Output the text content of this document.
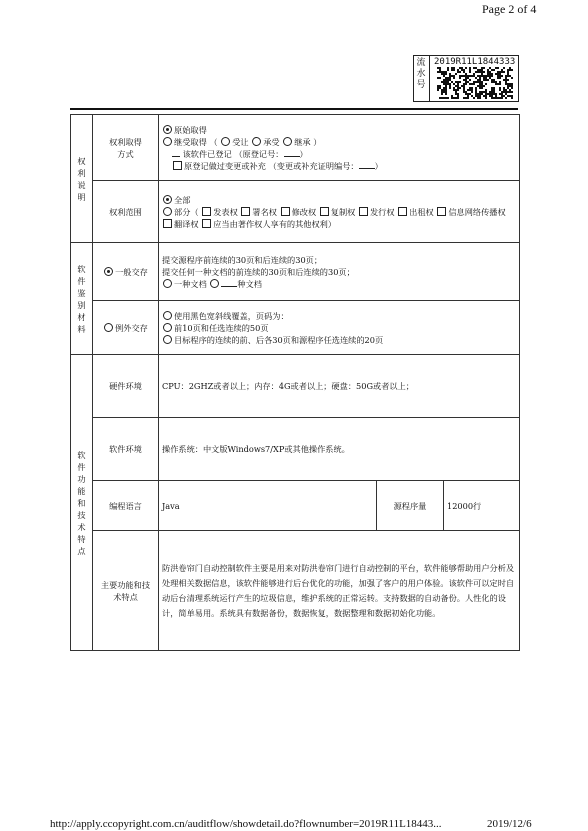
Page 2 of 4
流水号
2019R11L1844333
权利说明	权利取得方式	原始取得
继受取得 （ 受让 承受 继承 ）
该软件已登记 （原登记号： ）
原登记做过变更或补充 （变更或补充证明编号： ）		

	权利范围	全部
部分（ 发表权 署名权 修改权 复制权 发行权 出租权 信息网络传播权 翻译权 应当由著作权人享有的其他权利）		

软件鉴别材料	一般交存	提交源程序前连续的30页和后连续的30页；
提交任何一种文档的前连续的30页和后连续的30页；
一种文档 种文档		

	例外交存	使用黑色宽斜线覆盖，页码为：
前10页和任选连续的50页
目标程序的连续的前、后各30页和源程序任选连续的20页		

软件功能和技术特点	硬件环境	CPU：2GHZ或者以上；内存：4G或者以上；硬盘：50G或者以上；		
	软件环境	操作系统：中文版Windows7/XP或其他操作系统。		
	编程语言	Java	源程序量	12000行

	主要功能和技术特点	防洪卷帘门自动控制软件主要是用来对防洪卷帘门进行自动控制的平台，软件能够帮助用户分析及处理相关数据信息，该软件能够进行后台优化的功能，加强了客户的用户体验。该软件可以定时自动后台清理系统运行产生的垃圾信息，维护系统的正常运转。支持数据的自动备份。人性化的设计，简单易用。系统具有数据备份，数据恢复，数据整理和数据初始化功能。		
http://apply.ccopyright.com.cn/auditflow/showdetail.do?flownumber=2019R11L18443...	2019/12/6
